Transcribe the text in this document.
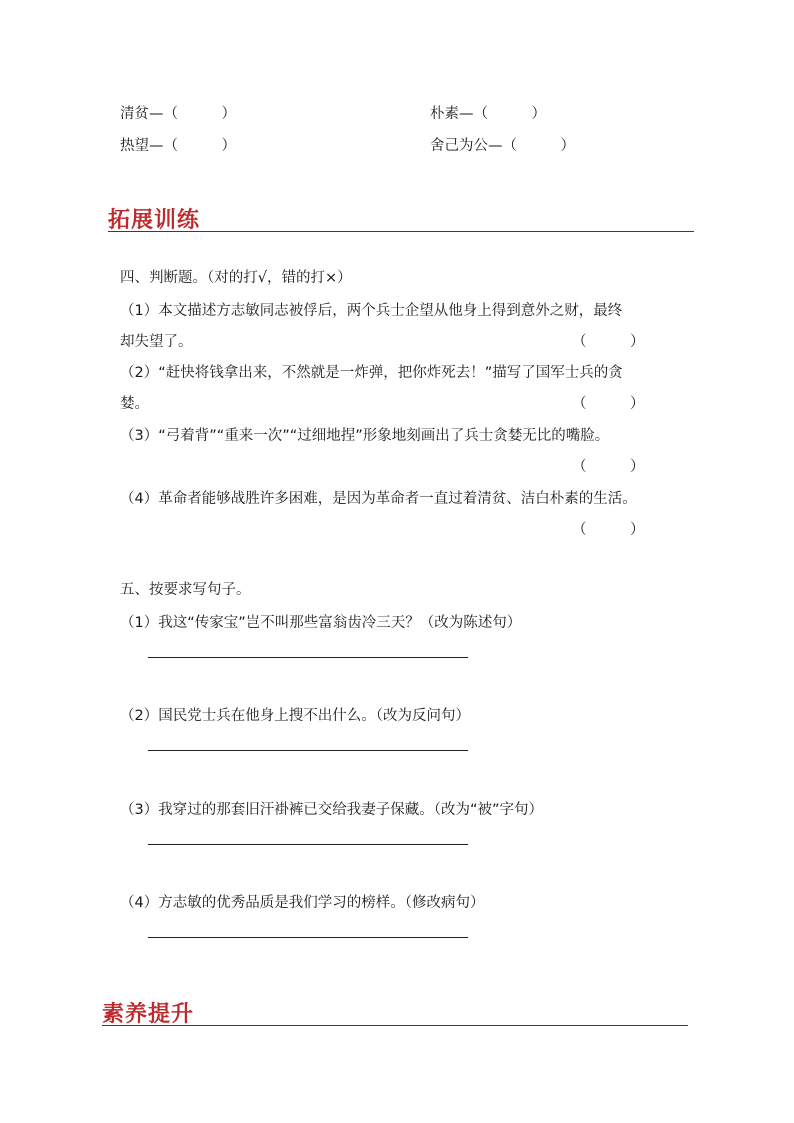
清贫—（　　　）	朴素—（　　　）
热望—（　　　）	舍己为公—（　　　）
拓展训练
四、判断题。（对的打√，错的打×）
（1）本文描述方志敏同志被俘后，两个兵士企望从他身上得到意外之财，最终
却失望了。	（　　　）
（2）“赶快将钱拿出来，不然就是一炸弹，把你炸死去！”描写了国军士兵的贪
婪。	（　　　）
（3）“弓着背”“重来一次”“过细地捏”形象地刻画出了兵士贪婪无比的嘴脸。
（　　　）
（4）革命者能够战胜许多困难，是因为革命者一直过着清贫、洁白朴素的生活。
（　　　）
五、按要求写句子。
（1）我这“传家宝”岂不叫那些富翁齿冷三天？（改为陈述句）
（2）国民党士兵在他身上搜不出什么。（改为反问句）
（3）我穿过的那套旧汗褂裤已交给我妻子保藏。（改为“被”字句）
（4）方志敏的优秀品质是我们学习的榜样。（修改病句）
素养提升
